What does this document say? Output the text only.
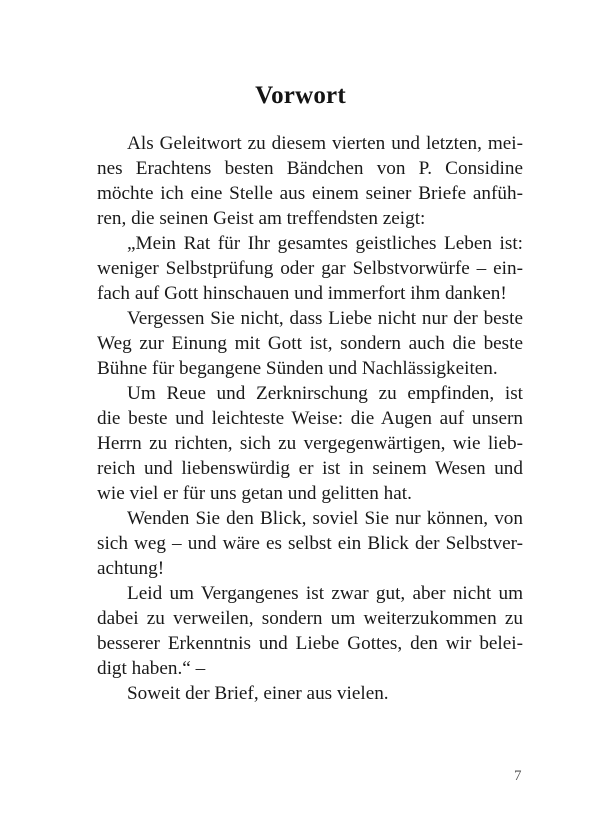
Vorwort
Als Geleitwort zu diesem vierten und letzten, mei-
nes Erachtens besten Bändchen von P. Considine
möchte ich eine Stelle aus einem seiner Briefe anfüh-
ren, die seinen Geist am treffendsten zeigt:
„Mein Rat für Ihr gesamtes geistliches Leben ist:
weniger Selbstprüfung oder gar Selbstvorwürfe – ein-
fach auf Gott hinschauen und immerfort ihm danken!
Vergessen Sie nicht, dass Liebe nicht nur der beste
Weg zur Einung mit Gott ist, sondern auch die beste
Bühne für begangene Sünden und Nachlässigkeiten.
Um Reue und Zerknirschung zu empfinden, ist
die beste und leichteste Weise: die Augen auf unsern
Herrn zu richten, sich zu vergegenwärtigen, wie lieb-
reich und liebenswürdig er ist in seinem Wesen und
wie viel er für uns getan und gelitten hat.
Wenden Sie den Blick, soviel Sie nur können, von
sich weg – und wäre es selbst ein Blick der Selbstver-
achtung!
Leid um Vergangenes ist zwar gut, aber nicht um
dabei zu verweilen, sondern um weiterzukommen zu
besserer Erkenntnis und Liebe Gottes, den wir belei-
digt haben.“ –
Soweit der Brief, einer aus vielen.
7
